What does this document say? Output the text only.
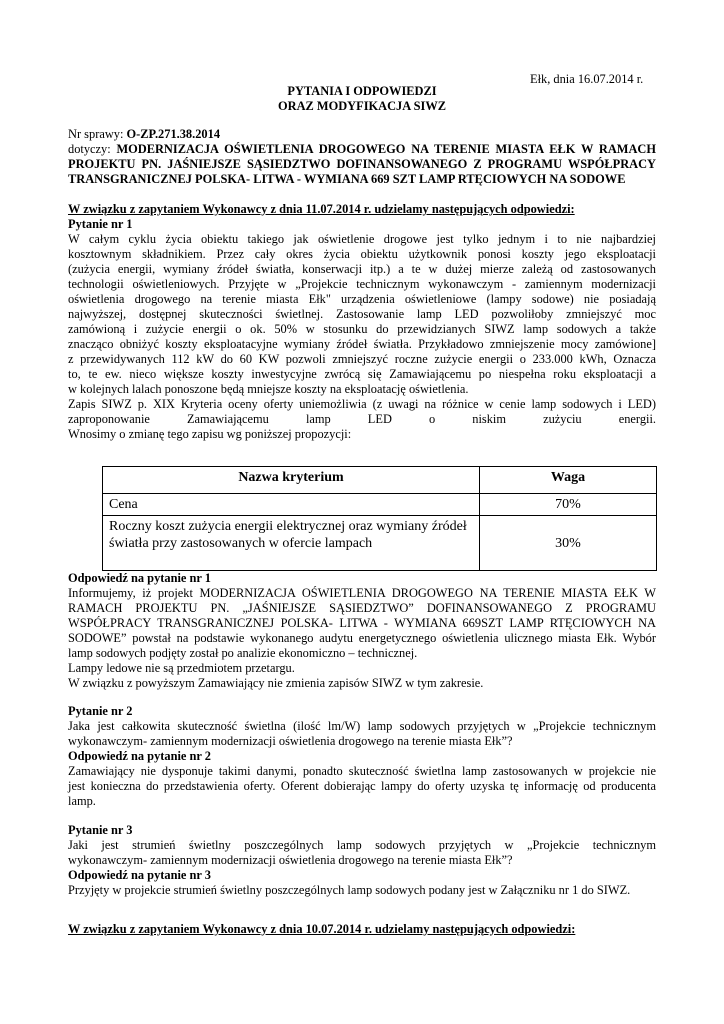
Ełk, dnia 16.07.2014 r.
PYTANIA I ODPOWIEDZI
ORAZ MODYFIKACJA SIWZ
Nr sprawy: O-ZP.271.38.2014
dotyczy: MODERNIZACJA OŚWIETLENIA DROGOWEGO NA TERENIE MIASTA EŁK W RAMACH
PROJEKTU PN. JAŚNIEJSZE SĄSIEDZTWO DOFINANSOWANEGO Z PROGRAMU WSPÓŁPRACY
TRANSGRANICZNEJ POLSKA- LITWA - WYMIANA 669 SZT LAMP RTĘCIOWYCH NA SODOWE
W związku z zapytaniem Wykonawcy z dnia 11.07.2014 r. udzielamy następujących odpowiedzi:
Pytanie nr 1
W całym cyklu życia obiektu takiego jak oświetlenie drogowe jest tylko jednym i to nie najbardziej
kosztownym składnikiem. Przez cały okres życia obiektu użytkownik ponosi koszty jego eksploatacji
(zużycia energii, wymiany źródeł światła, konserwacji itp.) a te w dużej mierze zależą od zastosowanych
technologii oświetleniowych. Przyjęte w „Projekcie technicznym wykonawczym - zamiennym modernizacji
oświetlenia drogowego na terenie miasta Ełk" urządzenia oświetleniowe (lampy sodowe) nie posiadają
najwyższej, dostępnej skuteczności świetlnej. Zastosowanie lamp LED pozwoliłoby zmniejszyć moc
zamówioną i zużycie energii o ok. 50% w stosunku do przewidzianych SIWZ lamp sodowych a także
znacząco obniżyć koszty eksploatacyjne wymiany źródeł światła. Przykładowo zmniejszenie mocy zamówione]
z przewidywanych 112 kW do 60 KW pozwoli zmniejszyć roczne zużycie energii o 233.000 kWh, Oznacza
to, te ew. nieco większe koszty inwestycyjne zwrócą się Zamawiającemu po niespełna roku eksploatacji a
w kolejnych lalach ponoszone będą mniejsze koszty na eksploatację oświetlenia.
Zapis SIWZ p. XIX Kryteria oceny oferty uniemożliwia (z uwagi na różnice w cenie lamp sodowych i LED)
zaproponowanie Zamawiającemu lamp LED o niskim zużyciu energii.
Wnosimy o zmianę tego zapisu wg poniższej propozycji:
Nazwa kryterium	Waga
Cena	70%
Roczny koszt zużycia energii elektrycznej oraz wymiany źródeł światła przy zastosowanych w ofercie lampach	30%
Odpowiedź na pytanie nr 1
Informujemy, iż projekt MODERNIZACJA OŚWIETLENIA DROGOWEGO NA TERENIE MIASTA EŁK W
RAMACH PROJEKTU PN. „JAŚNIEJSZE SĄSIEDZTWO” DOFINANSOWANEGO Z PROGRAMU
WSPÓŁPRACY TRANSGRANICZNEJ POLSKA- LITWA - WYMIANA 669SZT LAMP RTĘCIOWYCH NA
SODOWE” powstał na podstawie wykonanego audytu energetycznego oświetlenia ulicznego miasta Ełk. Wybór
lamp sodowych podjęty został po analizie ekonomiczno – technicznej.
Lampy ledowe nie są przedmiotem przetargu.
W związku z powyższym Zamawiający nie zmienia zapisów SIWZ w tym zakresie.
Pytanie nr 2
Jaka jest całkowita skuteczność świetlna (ilość lm/W) lamp sodowych przyjętych w „Projekcie technicznym
wykonawczym- zamiennym modernizacji oświetlenia drogowego na terenie miasta Ełk”?
Odpowiedź na pytanie nr 2
Zamawiający nie dysponuje takimi danymi, ponadto skuteczność świetlna lamp zastosowanych w projekcie nie
jest konieczna do przedstawienia oferty. Oferent dobierając lampy do oferty uzyska tę informację od producenta
lamp.
Pytanie nr 3
Jaki jest strumień świetlny poszczególnych lamp sodowych przyjętych w „Projekcie technicznym
wykonawczym- zamiennym modernizacji oświetlenia drogowego na terenie miasta Ełk”?
Odpowiedź na pytanie nr 3
Przyjęty w projekcie strumień świetlny poszczególnych lamp sodowych podany jest w Załączniku nr 1 do SIWZ.
W związku z zapytaniem Wykonawcy z dnia 10.07.2014 r. udzielamy następujących odpowiedzi:
